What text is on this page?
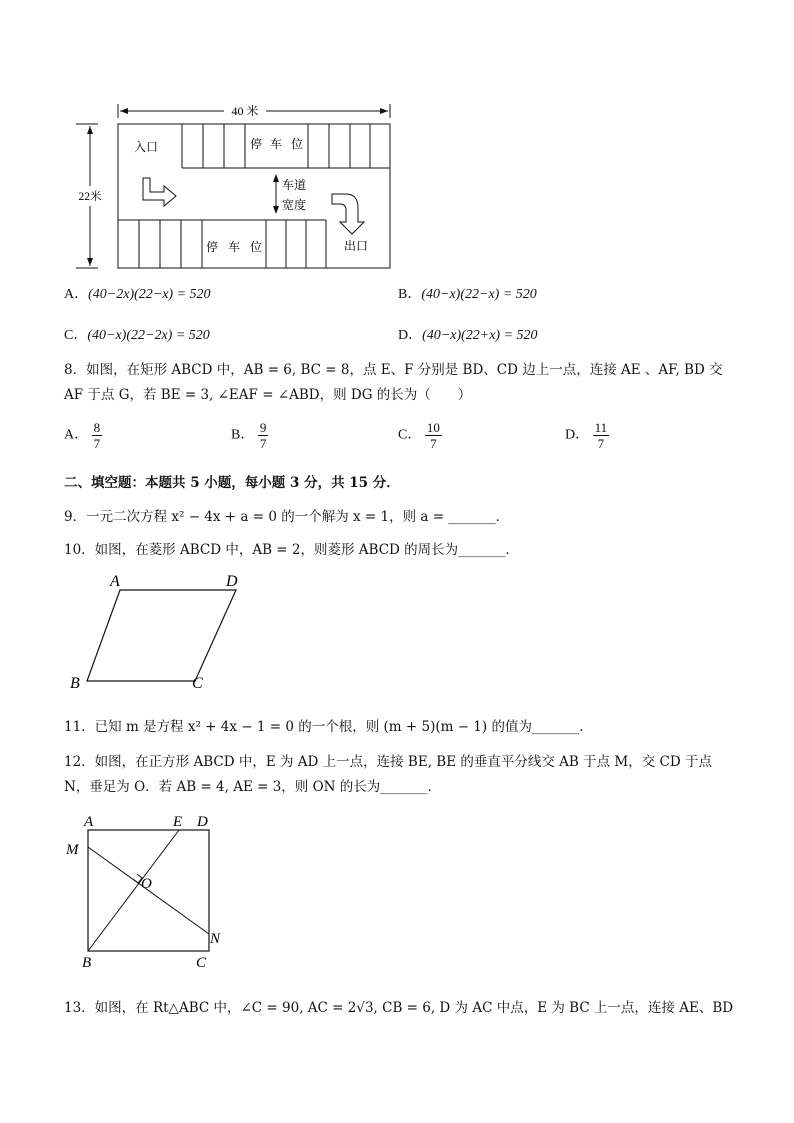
40 米
22米
停 车 位
停 车 位
入口
出口
车道
宽度
A．(40−2x)(22−x) = 520	B．(40−x)(22−x) = 520
C．(40−x)(22−2x) = 520	D．(40−x)(22+x) = 520
8．如图，在矩形 ABCD 中，AB = 6, BC = 8，点 E、F 分别是 BD、CD 边上一点，连接 AE 、AF, BD 交
AF 于点 G，若 BE = 3, ∠EAF = ∠ABD，则 DG 的长为（　　）
A． $\frac{8}{7}$	B． $\frac{9}{7}$	C． $\frac{10}{7}$	D． $\frac{11}{7}$
二、填空题：本题共 5 小题，每小题 3 分，共 15 分．
9．一元二次方程 x² − 4x + a = 0 的一个解为 x = 1，则 a = _______．
10．如图，在菱形 ABCD 中，AB = 2，则菱形 ABCD 的周长为_______．
A	D
B	C
11．已知 m 是方程 x² + 4x − 1 = 0 的一个根，则 (m + 5)(m − 1) 的值为_______．
12．如图，在正方形 ABCD 中，E 为 AD 上一点，连接 BE, BE 的垂直平分线交 AB 于点 M，交 CD 于点
N，垂足为 O．若 AB = 4, AE = 3，则 ON 的长为_______．
A	E D
M
O
N
B	C
13．如图，在 Rt△ABC 中，∠C = 90, AC = 2√3, CB = 6, D 为 AC 中点，E 为 BC 上一点，连接 AE、BD
